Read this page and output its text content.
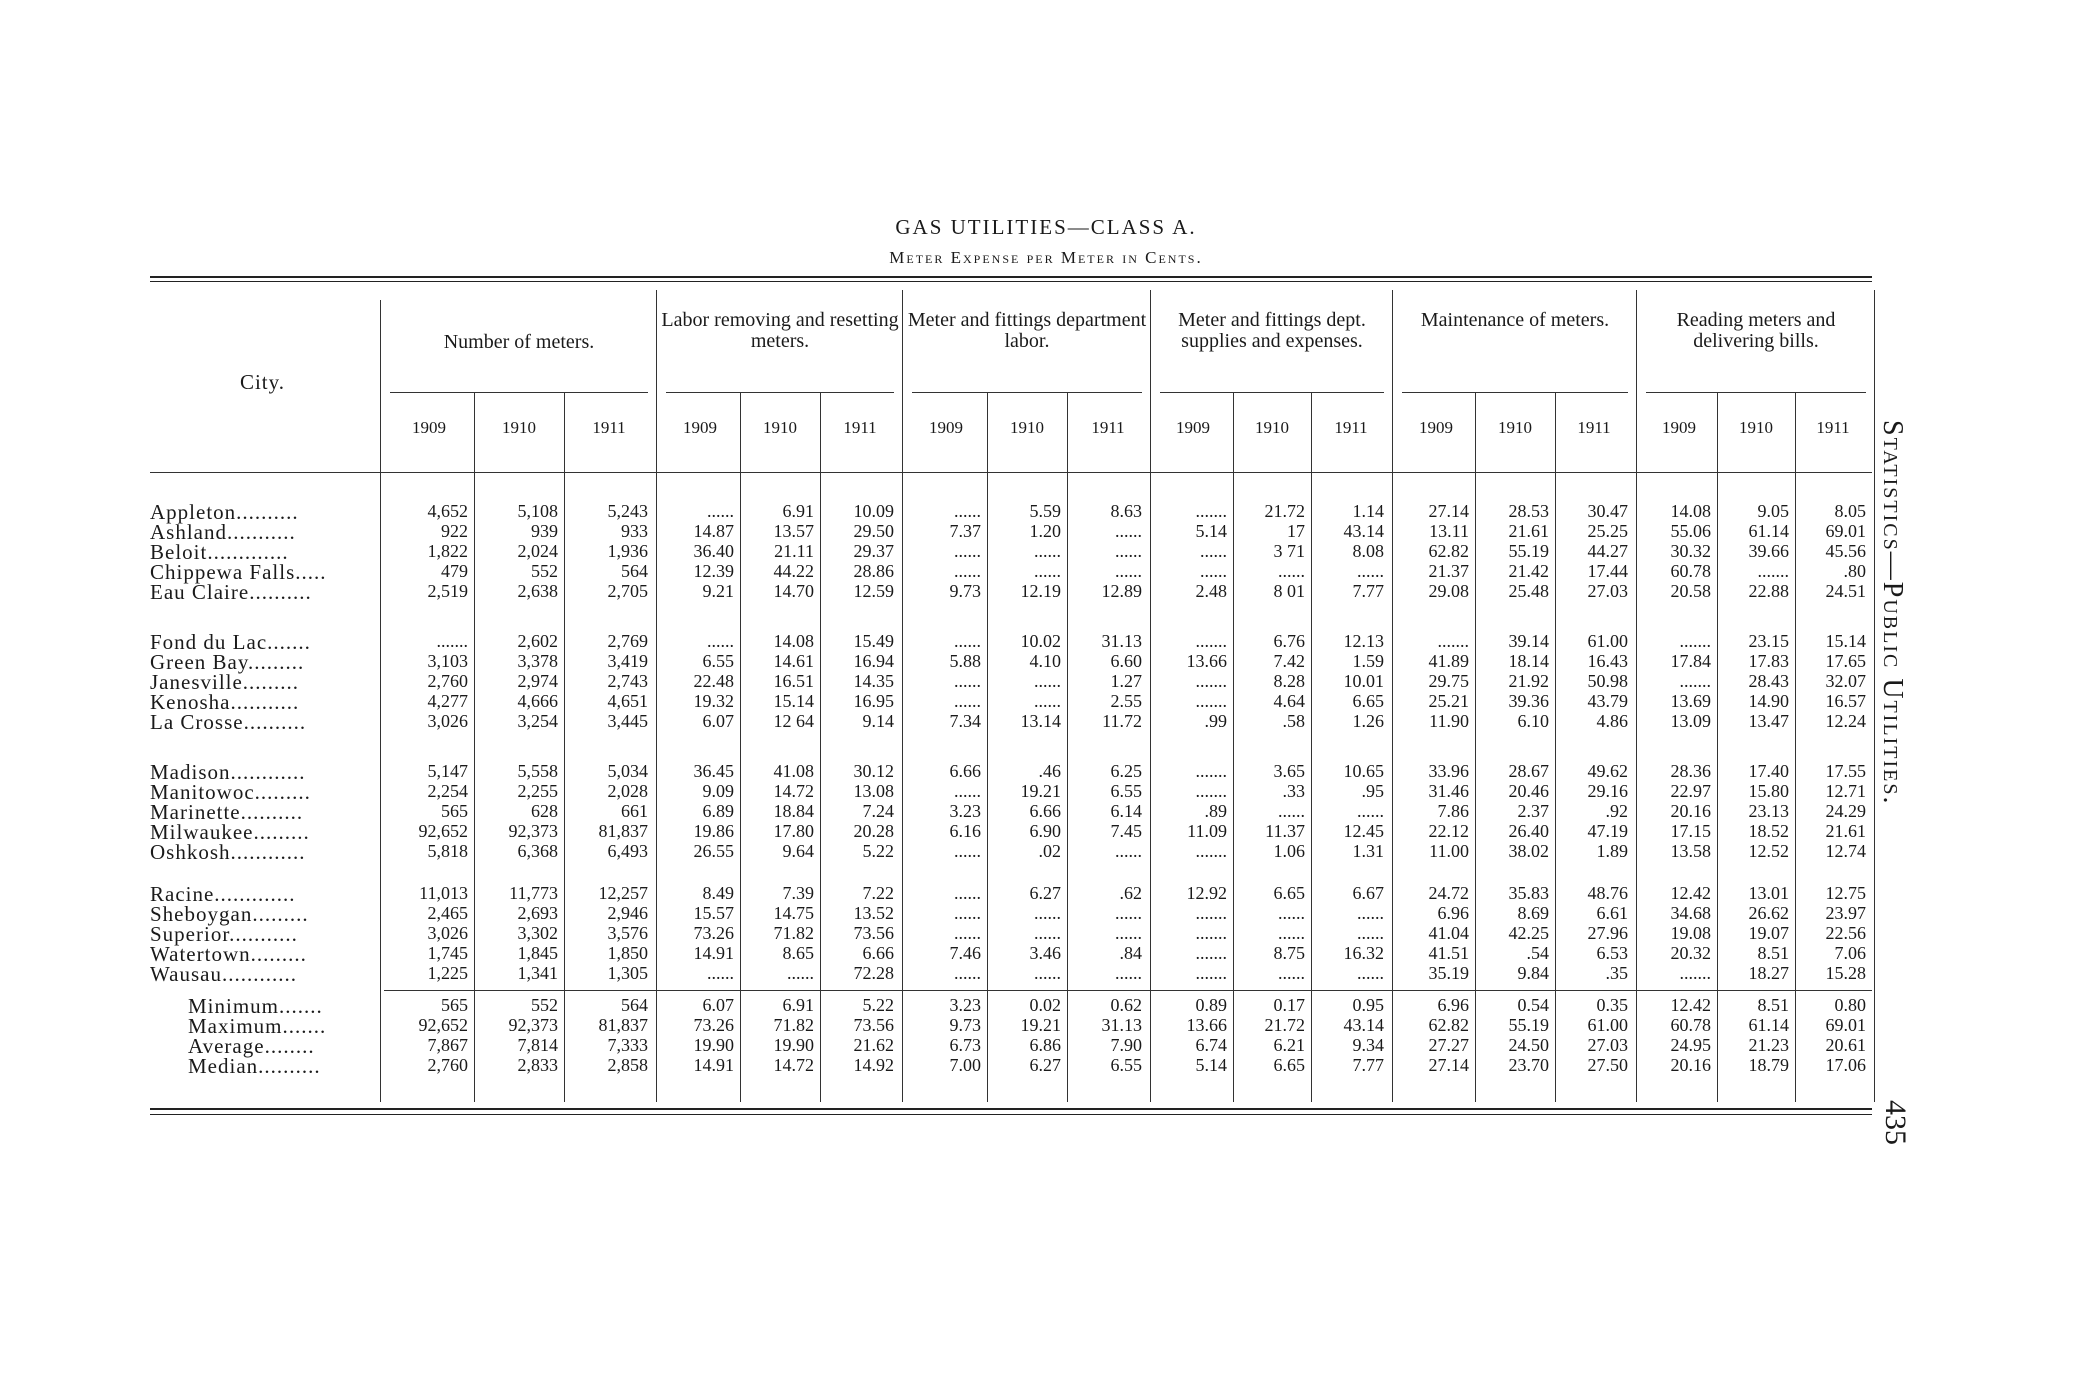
GAS UTILITIES—CLASS A.
Meter Expense per Meter in Cents.
City.
Number of meters.
1909	1910	1911
Labor removing and resetting meters.
1909	1910	1911
Meter and fittings department labor.
1909	1910	1911
Meter and fittings dept. supplies and expenses.
1909	1910	1911
Maintenance of meters.
1909	1910	1911
Reading meters and delivering bills.
1909	1910	1911
Appleton..........	4,652	5,108	5,243	......	6.91	10.09	......	5.59	8.63	.......	21.72	1.14	27.14	28.53	30.47	14.08	9.05	8.05
Ashland...........	922	939	933	14.87	13.57	29.50	7.37	1.20	......	5.14	17	43.14	13.11	21.61	25.25	55.06	61.14	69.01
Beloit.............	1,822	2,024	1,936	36.40	21.11	29.37	......	......	......	......	3 71	8.08	62.82	55.19	44.27	30.32	39.66	45.56
Chippewa Falls.....	479	552	564	12.39	44.22	28.86	......	......	......	......	......	......	21.37	21.42	17.44	60.78	.......	.80
Eau Claire..........	2,519	2,638	2,705	9.21	14.70	12.59	9.73	12.19	12.89	2.48	8 01	7.77	29.08	25.48	27.03	20.58	22.88	24.51
Fond du Lac.......	.......	2,602	2,769	......	14.08	15.49	......	10.02	31.13	.......	6.76	12.13	.......	39.14	61.00	.......	23.15	15.14
Green Bay.........	3,103	3,378	3,419	6.55	14.61	16.94	5.88	4.10	6.60	13.66	7.42	1.59	41.89	18.14	16.43	17.84	17.83	17.65
Janesville.........	2,760	2,974	2,743	22.48	16.51	14.35	......	......	1.27	.......	8.28	10.01	29.75	21.92	50.98	.......	28.43	32.07
Kenosha...........	4,277	4,666	4,651	19.32	15.14	16.95	......	......	2.55	.......	4.64	6.65	25.21	39.36	43.79	13.69	14.90	16.57
La Crosse..........	3,026	3,254	3,445	6.07	12 64	9.14	7.34	13.14	11.72	.99	.58	1.26	11.90	6.10	4.86	13.09	13.47	12.24
Madison............	5,147	5,558	5,034	36.45	41.08	30.12	6.66	.46	6.25	.......	3.65	10.65	33.96	28.67	49.62	28.36	17.40	17.55
Manitowoc.........	2,254	2,255	2,028	9.09	14.72	13.08	......	19.21	6.55	.......	.33	.95	31.46	20.46	29.16	22.97	15.80	12.71
Marinette..........	565	628	661	6.89	18.84	7.24	3.23	6.66	6.14	.89	......	......	7.86	2.37	.92	20.16	23.13	24.29
Milwaukee.........	92,652	92,373	81,837	19.86	17.80	20.28	6.16	6.90	7.45	11.09	11.37	12.45	22.12	26.40	47.19	17.15	18.52	21.61
Oshkosh............	5,818	6,368	6,493	26.55	9.64	5.22	......	.02	......	.......	1.06	1.31	11.00	38.02	1.89	13.58	12.52	12.74
Racine.............	11,013	11,773	12,257	8.49	7.39	7.22	......	6.27	.62	12.92	6.65	6.67	24.72	35.83	48.76	12.42	13.01	12.75
Sheboygan.........	2,465	2,693	2,946	15.57	14.75	13.52	......	......	......	.......	......	......	6.96	8.69	6.61	34.68	26.62	23.97
Superior...........	3,026	3,302	3,576	73.26	71.82	73.56	......	......	......	.......	......	......	41.04	42.25	27.96	19.08	19.07	22.56
Watertown.........	1,745	1,845	1,850	14.91	8.65	6.66	7.46	3.46	.84	.......	8.75	16.32	41.51	.54	6.53	20.32	8.51	7.06
Wausau............	1,225	1,341	1,305	......	......	72.28	......	......	......	.......	......	......	35.19	9.84	.35	.......	18.27	15.28
Minimum.......	565	552	564	6.07	6.91	5.22	3.23	0.02	0.62	0.89	0.17	0.95	6.96	0.54	0.35	12.42	8.51	0.80
Maximum.......	92,652	92,373	81,837	73.26	71.82	73.56	9.73	19.21	31.13	13.66	21.72	43.14	62.82	55.19	61.00	60.78	61.14	69.01
Average........	7,867	7,814	7,333	19.90	19.90	21.62	6.73	6.86	7.90	6.74	6.21	9.34	27.27	24.50	27.03	24.95	21.23	20.61
Median..........	2,760	2,833	2,858	14.91	14.72	14.92	7.00	6.27	6.55	5.14	6.65	7.77	27.14	23.70	27.50	20.16	18.79	17.06
Statistics—Public Utilities.
435
